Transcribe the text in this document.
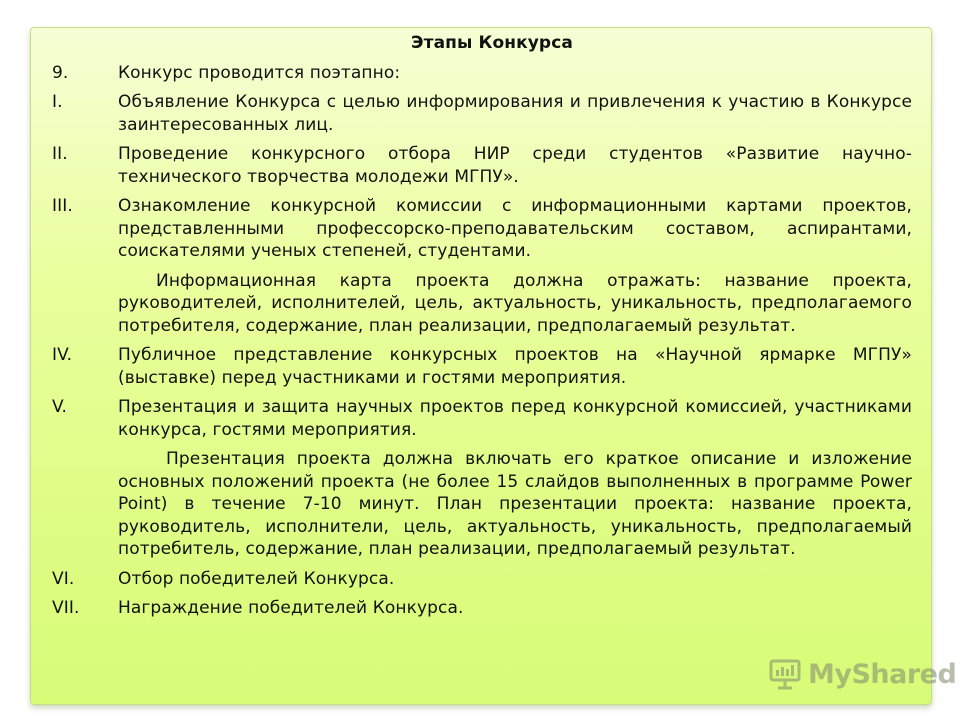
Этапы Конкурса
9.	Конкурс проводится поэтапно:
I.	Объявление Конкурса с целью информирования и привлечения к участию в Конкурсе заинтересованных лиц.
II.	Проведение конкурсного отбора НИР среди студентов «Развитие научно-технического творчества молодежи МГПУ».
III.	Ознакомление конкурсной комиссии с информационными картами проектов, представленными профессорско-преподавательским составом, аспирантами, соискателями ученых степеней, студентами.
Информационная карта проекта должна отражать: название проекта, руководителей, исполнителей, цель, актуальность, уникальность, предполагаемого потребителя, содержание, план реализации, предполагаемый результат.
IV.	Публичное представление конкурсных проектов на «Научной ярмарке МГПУ» (выставке) перед участниками и гостями мероприятия.
V.	Презентация и защита научных проектов перед конкурсной комиссией, участниками конкурса, гостями мероприятия.
Презентация проекта должна включать его краткое описание и изложение основных положений проекта (не более 15 слайдов выполненных в программе Power Point) в течение 7-10 минут. План презентации проекта: название проекта, руководитель, исполнители, цель, актуальность, уникальность, предполагаемый потребитель, содержание, план реализации, предполагаемый результат.
VI.	Отбор победителей Конкурса.
VII.	Награждение победителей Конкурса.
MyShared
